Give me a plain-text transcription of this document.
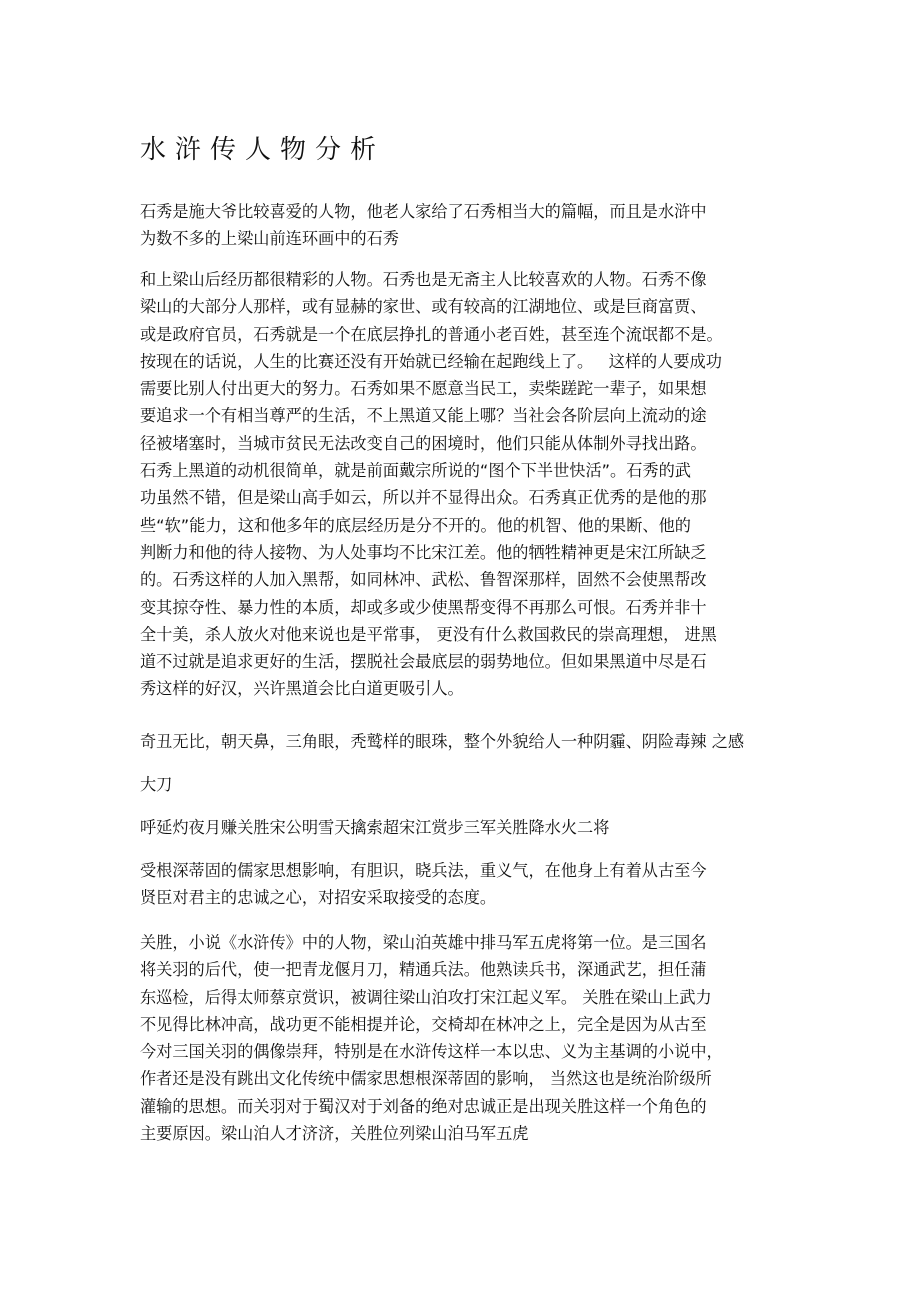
水浒传人物分析
石秀是施大爷比较喜爱的人物，他老人家给了石秀相当大的篇幅，而且是水浒中
为数不多的上梁山前连环画中的石秀
和上梁山后经历都很精彩的人物。石秀也是无斋主人比较喜欢的人物。石秀不像
梁山的大部分人那样，或有显赫的家世、或有较高的江湖地位、或是巨商富贾、
或是政府官员，石秀就是一个在底层挣扎的普通小老百姓，甚至连个流氓都不是。
按现在的话说，人生的比赛还没有开始就已经输在起跑线上了。   这样的人要成功
需要比别人付出更大的努力。石秀如果不愿意当民工，卖柴蹉跎一辈子，如果想
要追求一个有相当尊严的生活，不上黑道又能上哪？当社会各阶层向上流动的途
径被堵塞时，当城市贫民无法改变自己的困境时，他们只能从体制外寻找出路。
石秀上黑道的动机很简单，就是前面戴宗所说的“图个下半世快活”。石秀的武
功虽然不错，但是梁山高手如云，所以并不显得出众。石秀真正优秀的是他的那
些“软”能力，这和他多年的底层经历是分不开的。他的机智、他的果断、他的
判断力和他的待人接物、为人处事均不比宋江差。他的牺牲精神更是宋江所缺乏
的。石秀这样的人加入黑帮，如同林冲、武松、鲁智深那样，固然不会使黑帮改
变其掠夺性、暴力性的本质，却或多或少使黑帮变得不再那么可恨。石秀并非十
全十美，杀人放火对他来说也是平常事， 更没有什么救国救民的崇高理想， 进黑
道不过就是追求更好的生活，摆脱社会最底层的弱势地位。但如果黑道中尽是石
秀这样的好汉，兴许黑道会比白道更吸引人。
奇丑无比，朝天鼻，三角眼，秃鹫样的眼珠，整个外貌给人一种阴霾、阴险毒辣 之感
大刀
呼延灼夜月赚关胜宋公明雪天擒索超宋江赏步三军关胜降水火二将
受根深蒂固的儒家思想影响，有胆识，晓兵法，重义气，在他身上有着从古至今
贤臣对君主的忠诚之心，对招安采取接受的态度。
关胜，小说《水浒传》中的人物，梁山泊英雄中排马军五虎将第一位。是三国名
将关羽的后代，使一把青龙偃月刀，精通兵法。他熟读兵书，深通武艺，担任蒲
东巡检，后得太师蔡京赏识，被调往梁山泊攻打宋江起义军。 关胜在梁山上武力
不见得比林冲高，战功更不能相提并论，交椅却在林冲之上，完全是因为从古至
今对三国关羽的偶像崇拜，特别是在水浒传这样一本以忠、义为主基调的小说中，
作者还是没有跳出文化传统中儒家思想根深蒂固的影响， 当然这也是统治阶级所
灌输的思想。而关羽对于蜀汉对于刘备的绝对忠诚正是出现关胜这样一个角色的
主要原因。梁山泊人才济济，关胜位列梁山泊马军五虎
